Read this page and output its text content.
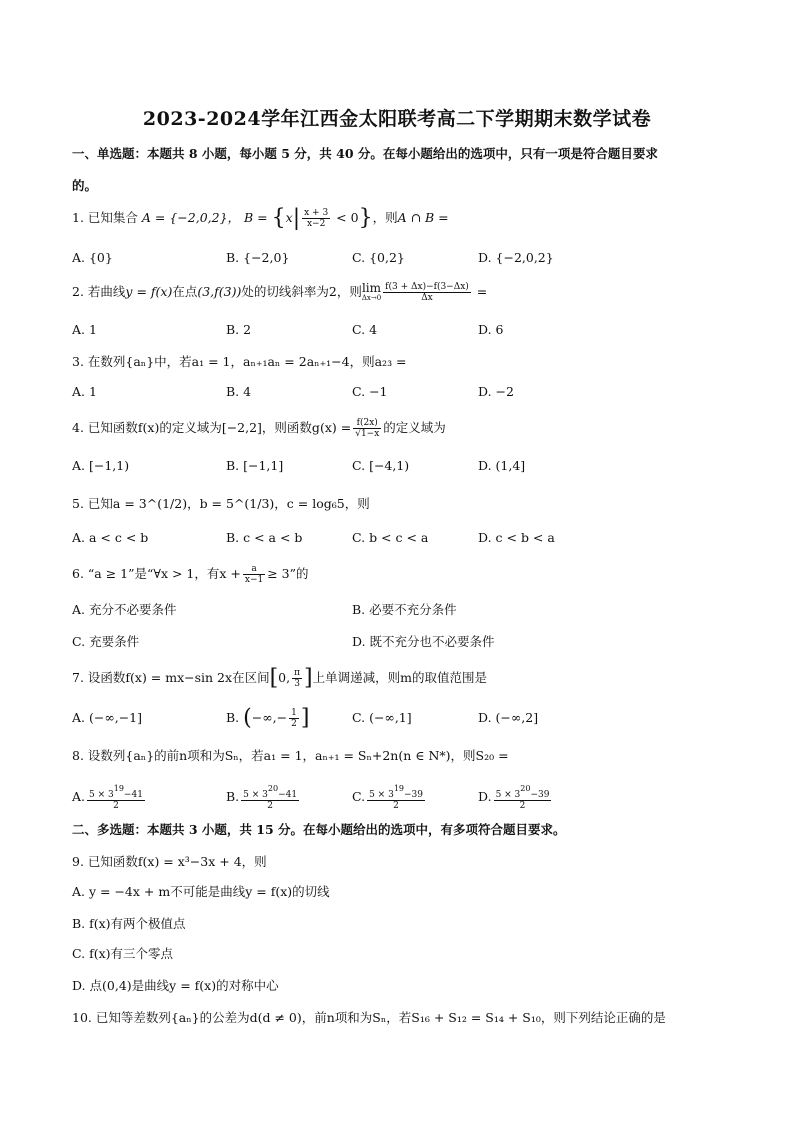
2023-2024学年江西金太阳联考高二下学期期末数学试卷
一、单选题：本题共 8 小题，每小题 5 分，共 40 分。在每小题给出的选项中，只有一项是符合题目要求
的。
1. 已知集合 A = {−2,0,2}， $B = \{x| \frac{x + 3}{x-2} < 0\}$，则A ∩ B =
A. {0}	B. {−2,0}	C. {0,2}	D. {−2,0,2}
2. 若曲线y = f(x)在点(3,f(3))处的切线斜率为2，则 lim
$\Delta x\to 0 \frac{f(3 + \Delta x)-f(3-\Delta x)}{\Delta x}$ =
A. 1	B. 2	C. 4	D. 6
3. 在数列{aₙ}中，若a₁ = 1，aₙ₊₁aₙ = 2aₙ₊₁−4，则a₂₃ =
A. 1	B. 4	C. −1	D. −2
4. 已知函数f(x)的定义域为[−2,2]，则函数$g(x) = \frac{f(2x)}{√1-x}$ 的定义域为
A. [−1,1)	B. [−1,1]	C. [−4,1)	D. (1,4]
5. 已知a = 3^(1/2)，b = 5^(1/3)，c = log₆5，则
A. a < c < b	B. c < a < b	C. b < c < a	D. c < b < a
6. “a ≥ 1”是“∀x > 1，有$x + \frac{a}{x-1} \ge 3$”的
A. 充分不必要条件	B. 必要不充分条件
C. 充要条件	D. 既不充分也不必要条件
7. 设函数f(x) = mx−sin 2x在区间[0, $\frac{\pi}{3}$ ]上单调递减，则m的取值范围是
A. (−∞,−1]	B. (−∞,− $\frac{1}{2}$ ]	C. (−∞,1]	D. (−∞,2]
8. 设数列{aₙ}的前n项和为Sₙ，若a₁ = 1，aₙ₊₁ = Sₙ+2n(n ∈ N*)，则S₂₀ =
A. $\frac{5 \times 319-41}{2}$	B. $\frac{5 \times 320-41}{2}$	C. $\frac{5 \times 319-39}{2}$	D. $\frac{5 \times 320-39}{2}$
二、多选题：本题共 3 小题，共 15 分。在每小题给出的选项中，有多项符合题目要求。
9. 已知函数f(x) = x³−3x + 4，则
A. y = −4x + m不可能是曲线y = f(x)的切线
B. f(x)有两个极值点
C. f(x)有三个零点
D. 点(0,4)是曲线y = f(x)的对称中心
10. 已知等差数列{aₙ}的公差为d(d ≠ 0)，前n项和为Sₙ，若S₁₆ + S₁₂ = S₁₄ + S₁₀，则下列结论正确的是
